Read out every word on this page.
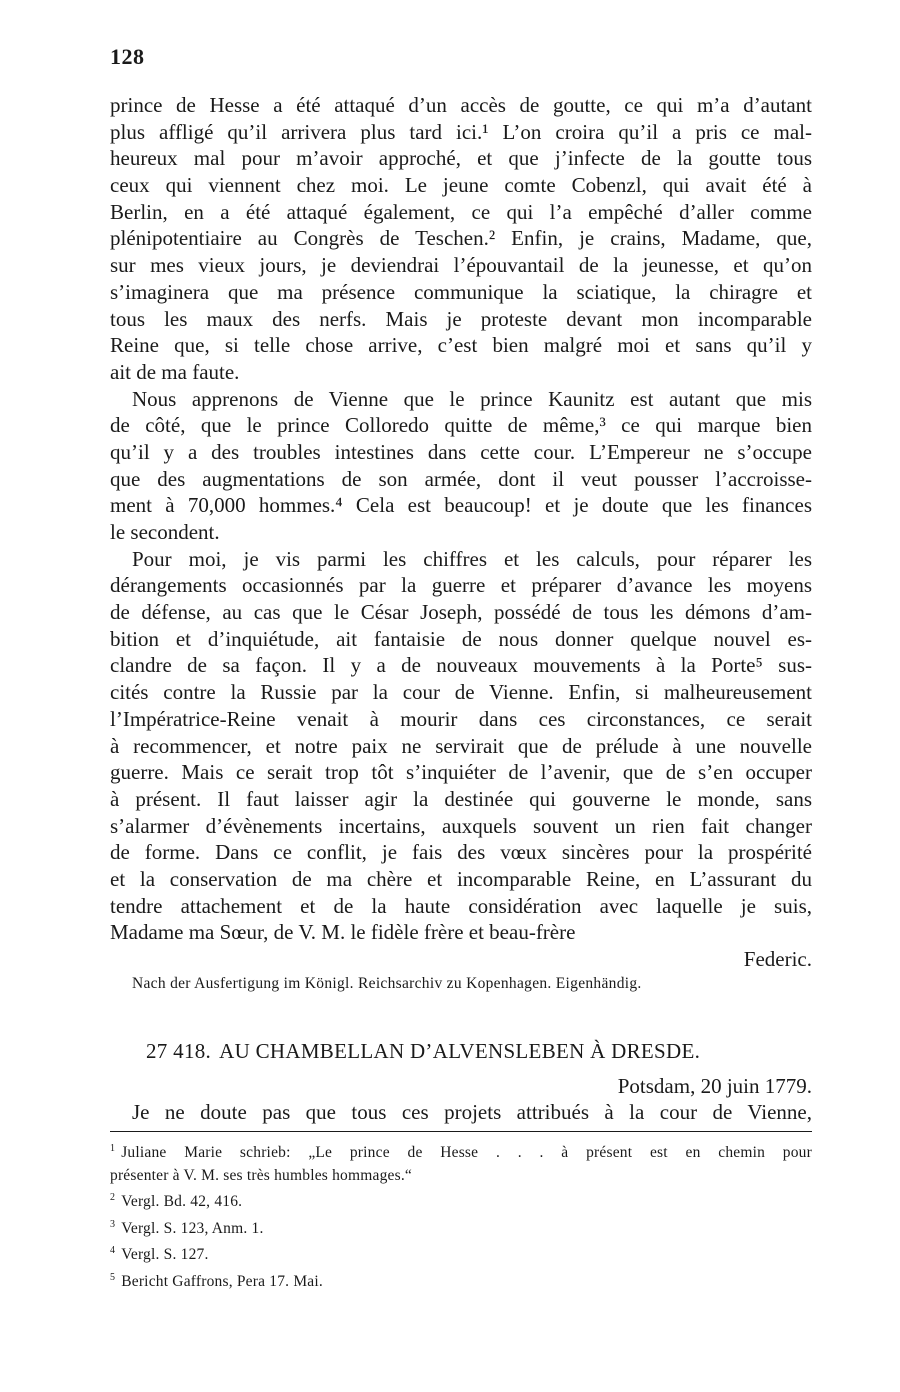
128
prince de Hesse a été attaqué d’un accès de goutte, ce qui m’a d’autant
plus affligé qu’il arrivera plus tard ici.¹ L’on croira qu’il a pris ce mal-
heureux mal pour m’avoir approché, et que j’infecte de la goutte tous
ceux qui viennent chez moi. Le jeune comte Cobenzl, qui avait été à
Berlin, en a été attaqué également, ce qui l’a empêché d’aller comme
plénipotentiaire au Congrès de Teschen.² Enfin, je crains, Madame, que,
sur mes vieux jours, je deviendrai l’épouvantail de la jeunesse, et qu’on
s’imaginera que ma présence communique la sciatique, la chiragre et
tous les maux des nerfs. Mais je proteste devant mon incomparable
Reine que, si telle chose arrive, c’est bien malgré moi et sans qu’il y
ait de ma faute.
Nous apprenons de Vienne que le prince Kaunitz est autant que mis
de côté, que le prince Colloredo quitte de même,³ ce qui marque bien
qu’il y a des troubles intestines dans cette cour. L’Empereur ne s’occupe
que des augmentations de son armée, dont il veut pousser l’accroisse-
ment à 70,000 hommes.⁴ Cela est beaucoup! et je doute que les finances
le secondent.
Pour moi, je vis parmi les chiffres et les calculs, pour réparer les
dérangements occasionnés par la guerre et préparer d’avance les moyens
de défense, au cas que le César Joseph, possédé de tous les démons d’am-
bition et d’inquiétude, ait fantaisie de nous donner quelque nouvel es-
clandre de sa façon. Il y a de nouveaux mouvements à la Porte⁵ sus-
cités contre la Russie par la cour de Vienne. Enfin, si malheureusement
l’Impératrice-Reine venait à mourir dans ces circonstances, ce serait
à recommencer, et notre paix ne servirait que de prélude à une nouvelle
guerre. Mais ce serait trop tôt s’inquiéter de l’avenir, que de s’en occuper
à présent. Il faut laisser agir la destinée qui gouverne le monde, sans
s’alarmer d’évènements incertains, auxquels souvent un rien fait changer
de forme. Dans ce conflit, je fais des vœux sincères pour la prospérité
et la conservation de ma chère et incomparable Reine, en L’assurant du
tendre attachement et de la haute considération avec laquelle je suis,
Madame ma Sœur, de V. M. le fidèle frère et beau-frère
Federic.
Nach der Ausfertigung im Königl. Reichsarchiv zu Kopenhagen. Eigenhändig.
27 418. AU CHAMBELLAN D’ALVENSLEBEN À DRESDE.
Potsdam, 20 juin 1779.
Je ne doute pas que tous ces projets attribués à la cour de Vienne,
$^1$ Juliane Marie schrieb: „Le prince de Hesse . . . à présent est en chemin pour
présenter à V. M. ses très humbles hommages.“
$^2$ Vergl. Bd. 42, 416.
$^3$ Vergl. S. 123, Anm. 1.
$^4$ Vergl. S. 127.
$^5$ Bericht Gaffrons, Pera 17. Mai.
